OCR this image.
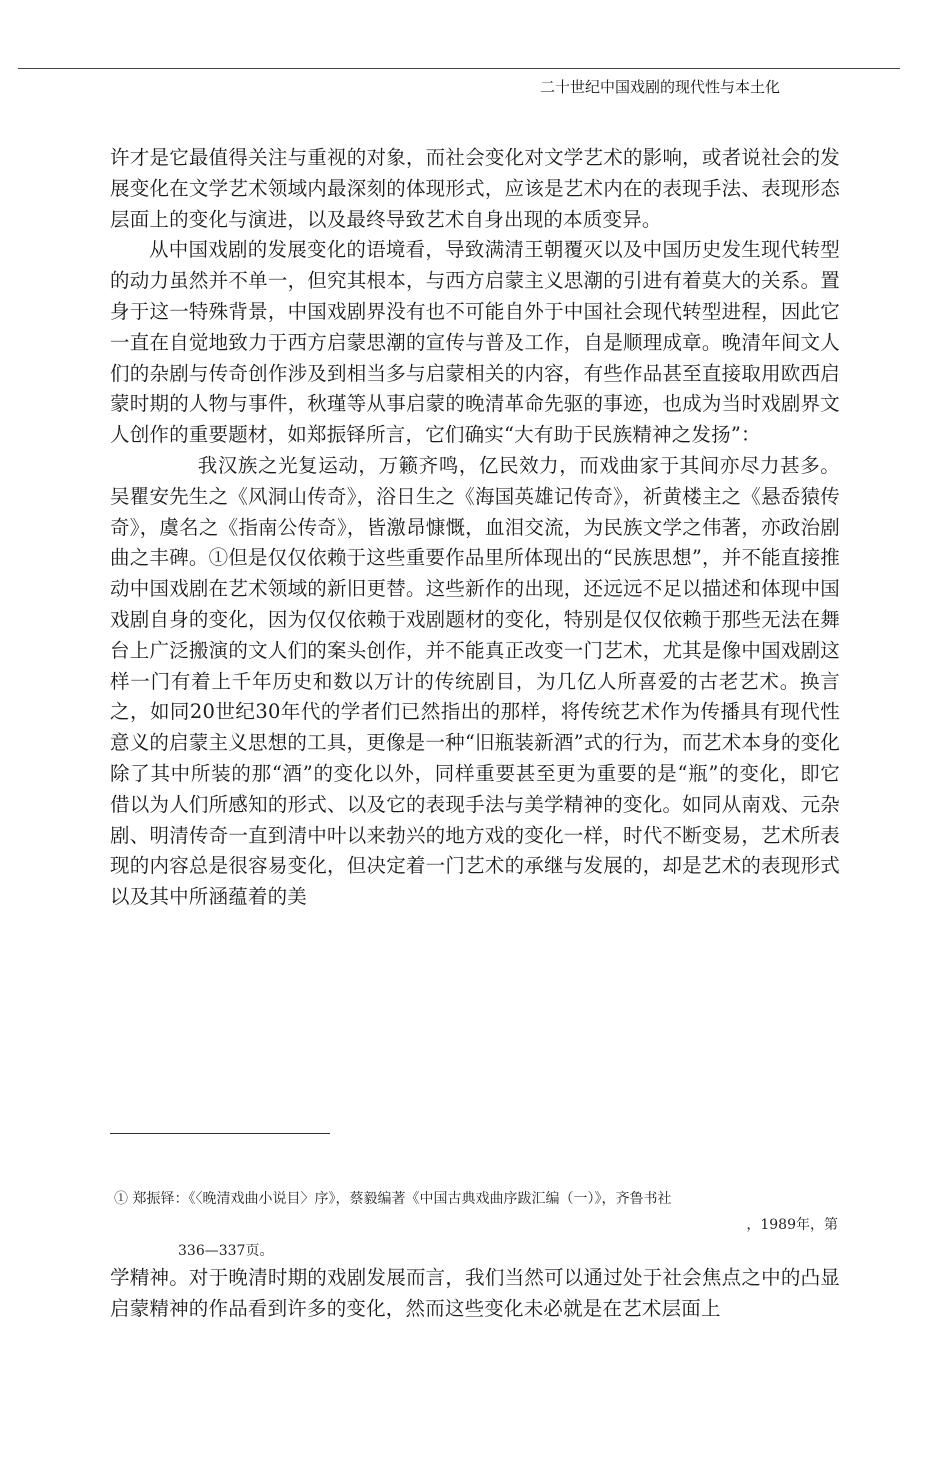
二十世纪中国戏剧的现代性与本土化

许才是它最值得关注与重视的对象，而社会变化对文学艺术的影响，或者说社会的发展变化在文学艺术领域内最深刻的体现形式，应该是艺术内在的表现手法、表现形态层面上的变化与演进，以及最终导致艺术自身出现的本质变异。

从中国戏剧的发展变化的语境看，导致满清王朝覆灭以及中国历史发生现代转型的动力虽然并不单一，但究其根本，与西方启蒙主义思潮的引进有着莫大的关系。置身于这一特殊背景，中国戏剧界没有也不可能自外于中国社会现代转型进程，因此它一直在自觉地致力于西方启蒙思潮的宣传与普及工作，自是顺理成章。晚清年间文人们的杂剧与传奇创作涉及到相当多与启蒙相关的内容，有些作品甚至直接取用欧西启蒙时期的人物与事件，秋瑾等从事启蒙的晚清革命先驱的事迹，也成为当时戏剧界文人创作的重要题材，如郑振铎所言，它们确实“大有助于民族精神之发扬”：

我汉族之光复运动，万籁齐鸣，亿民效力，而戏曲家于其间亦尽力甚多。吴瞿安先生之《风洞山传奇》，浴日生之《海国英雄记传奇》，祈黄楼主之《悬岙猿传奇》，虞名之《指南公传奇》，皆激昂慷慨，血泪交流，为民族文学之伟著，亦政治剧曲之丰碑。①但是仅仅依赖于这些重要作品里所体现出的“民族思想”，并不能直接推动中国戏剧在艺术领域的新旧更替。这些新作的出现，还远远不足以描述和体现中国戏剧自身的变化，因为仅仅依赖于戏剧题材的变化，特别是仅仅依赖于那些无法在舞台上广泛搬演的文人们的案头创作，并不能真正改变一门艺术，尤其是像中国戏剧这样一门有着上千年历史和数以万计的传统剧目，为几亿人所喜爱的古老艺术。换言之，如同20世纪30年代的学者们已然指出的那样，将传统艺术作为传播具有现代性意义的启蒙主义思想的工具，更像是一种“旧瓶装新酒”式的行为，而艺术本身的变化除了其中所装的那“酒”的变化以外，同样重要甚至更为重要的是“瓶”的变化，即它借以为人们所感知的形式、以及它的表现手法与美学精神的变化。如同从南戏、元杂剧、明清传奇一直到清中叶以来勃兴的地方戏的变化一样，时代不断变易，艺术所表现的内容总是很容易变化，但决定着一门艺术的承继与发展的，却是艺术的表现形式以及其中所涵蕴着的美

① 郑振铎：《〈晚清戏曲小说目〉序》，蔡毅编著《中国古典戏曲序跋汇编（一）》，齐鲁书社
，1989年，第
336—337页。

学精神。对于晚清时期的戏剧发展而言，我们当然可以通过处于社会焦点之中的凸显启蒙精神的作品看到许多的变化，然而这些变化未必就是在艺术层面上
